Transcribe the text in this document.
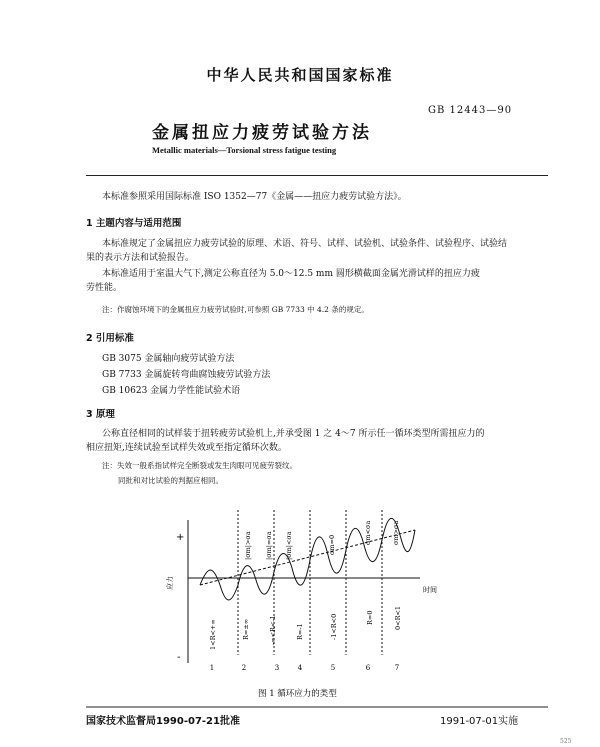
中华人民共和国国家标准
GB 12443—90
金属扭应力疲劳试验方法
Metallic materials—Torsional stress fatigue testing
本标准参照采用国际标准 ISO 1352—77《金属——扭应力疲劳试验方法》。
1 主题内容与适用范围
本标准规定了金属扭应力疲劳试验的原理、术语、符号、试样、试验机、试验条件、试验程序、试验结
果的表示方法和试验报告。
本标准适用于室温大气下,测定公称直径为 5.0～12.5 mm 圆形横截面金属光滑试样的扭应力疲
劳性能。
注：作腐蚀环境下的金属扭应力疲劳试验时,可参照 GB 7733 中 4.2 条的规定。
2 引用标准
GB 3075 金属轴向疲劳试验方法
GB 7733 金属旋转弯曲腐蚀疲劳试验方法
GB 10623 金属力学性能试验术语
3 原理
公称直径相同的试样装于扭转疲劳试验机上,并承受图 1 之 4～7 所示任一循环类型所需扭应力的
相应扭矩,连续试验至试样失效或至指定循环次数。
注：失效一般系指试样完全断裂或发生肉眼可见疲劳裂纹。
同批和对比试验的判据应相同。
+
-
应力	时间
|σm|>σa |σm|=σa |σm|<σa	σm=0	σm<σa	σm>σa
1<R<+∞	R=±∞	-∞<R<-1	R=-1	-1<R<0	R=0	0<R<1
1	2	3	4	5	6	7
图 1 循环应力的类型
国家技术监督局1990-07-21批准	1991-07-01实施
525
